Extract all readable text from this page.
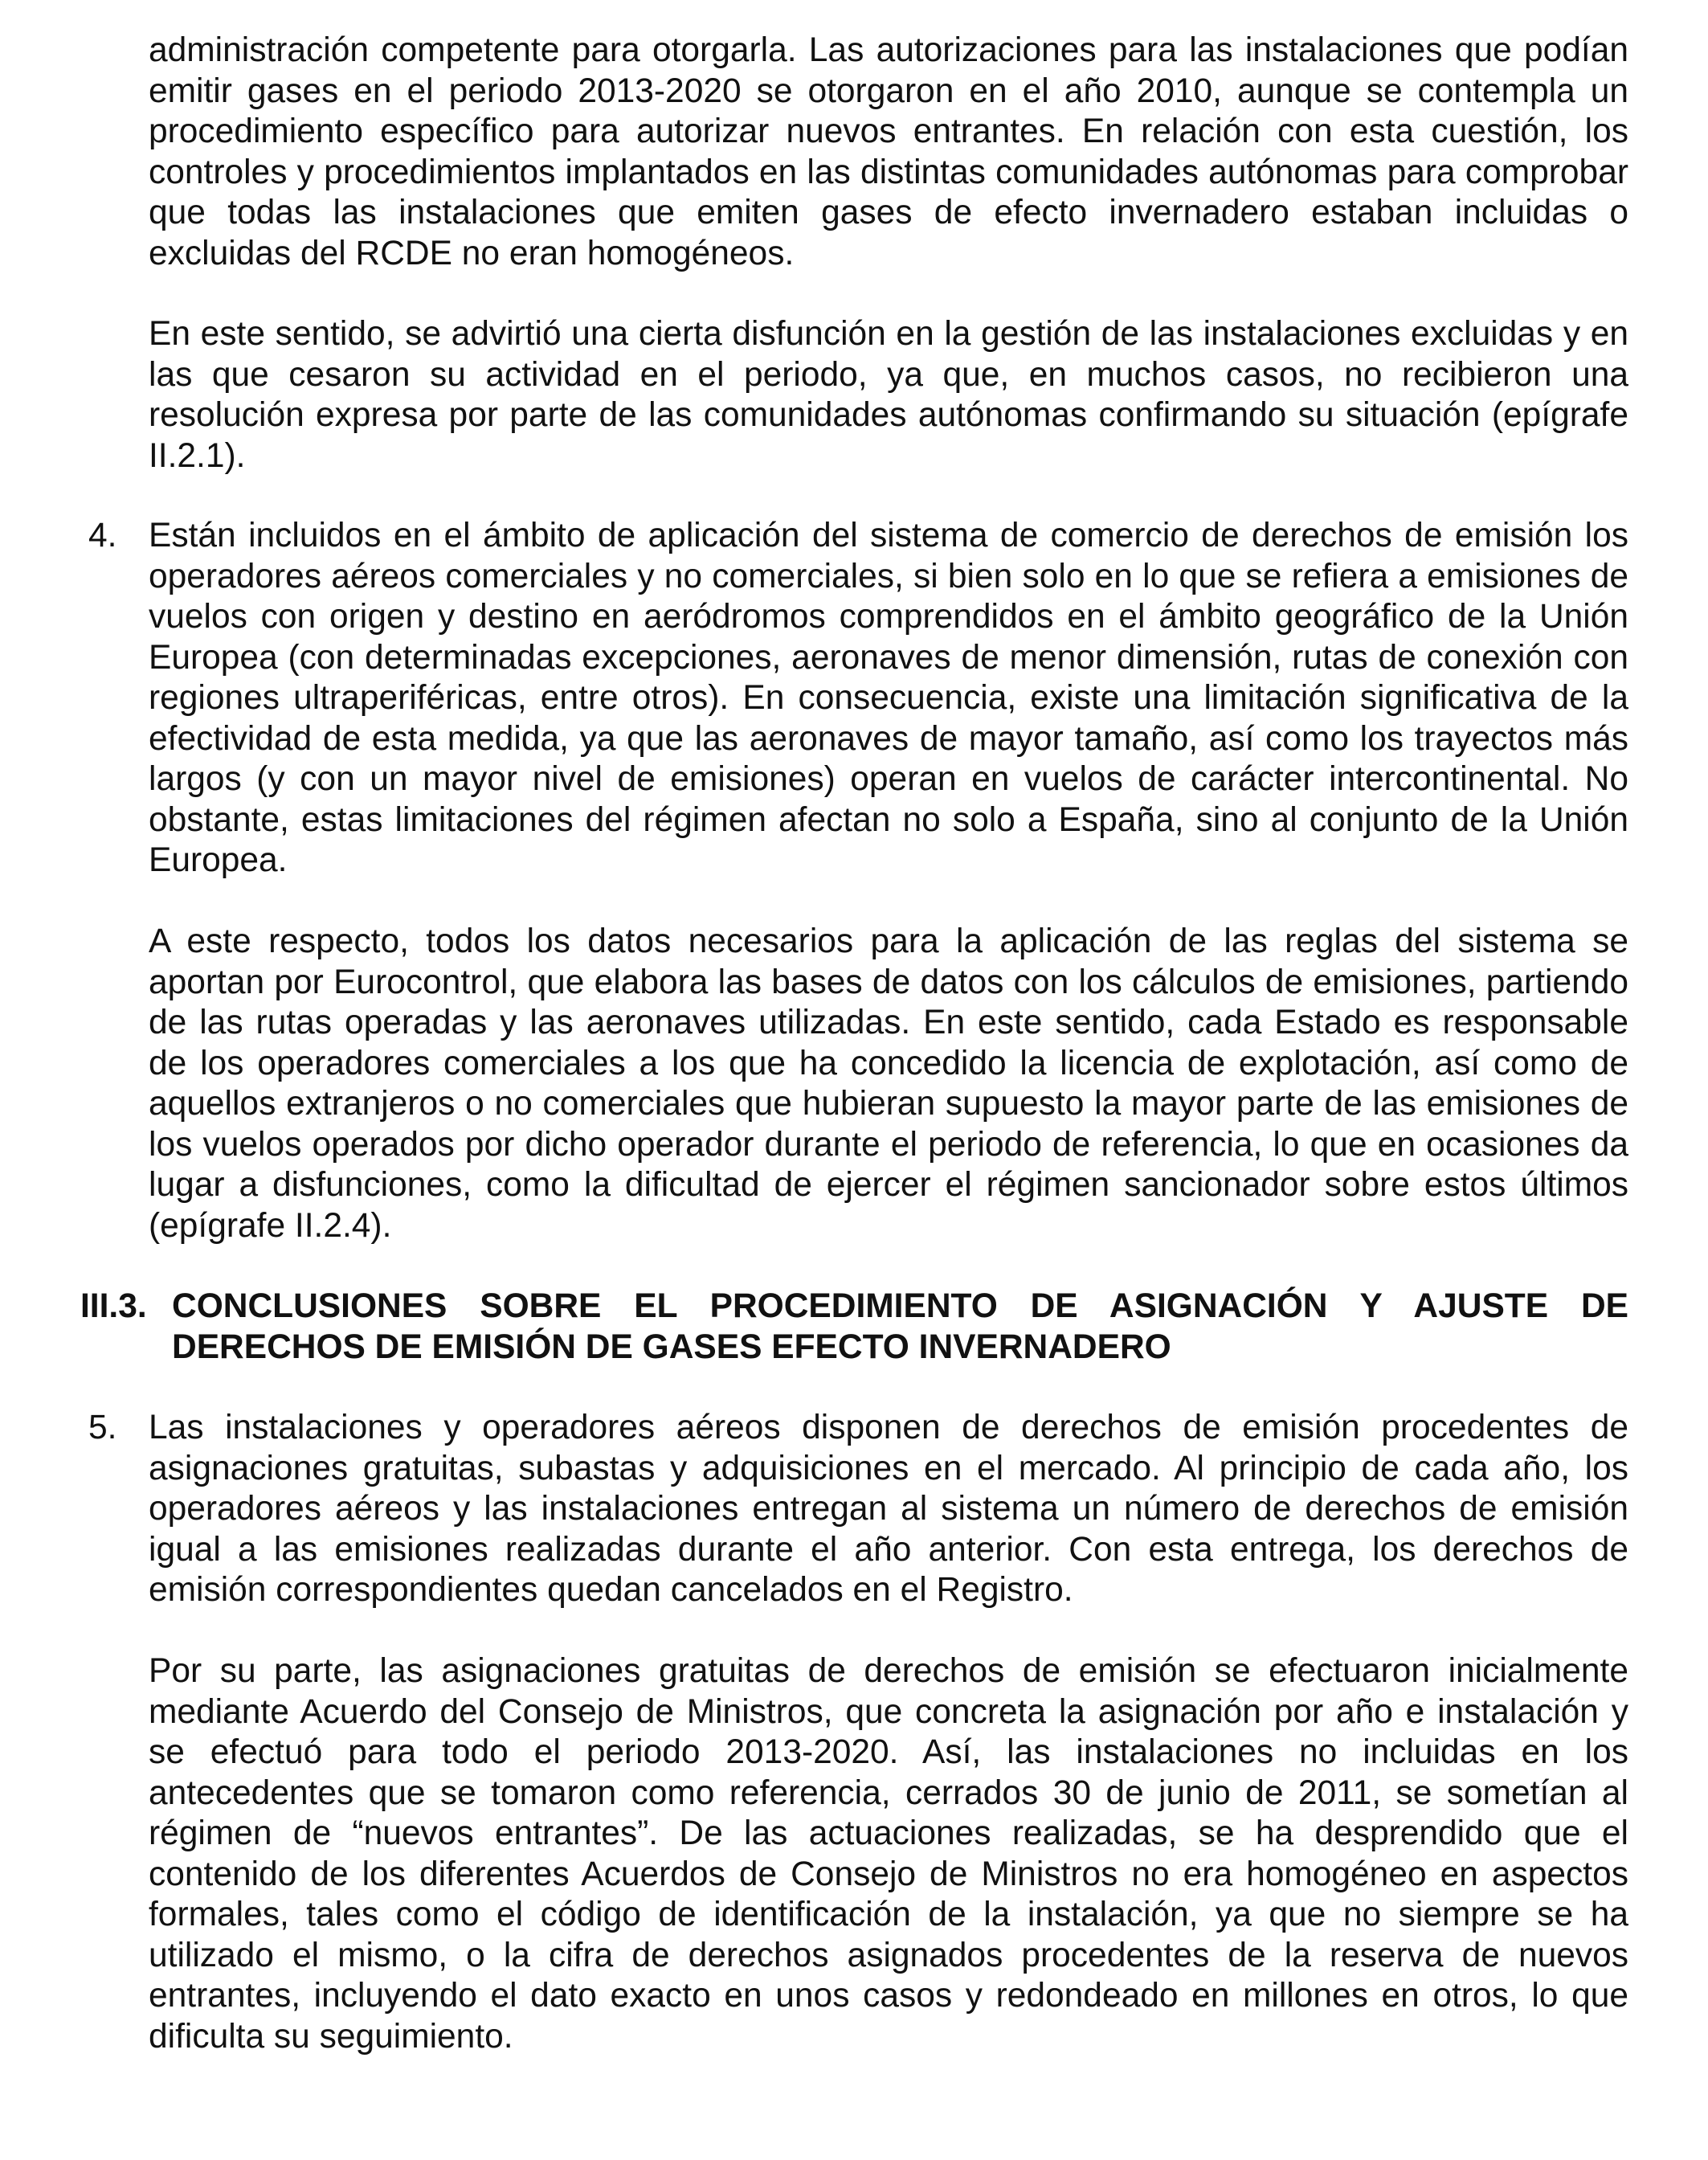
administración competente para otorgarla. Las autorizaciones para las instalaciones que podían emitir gases en el periodo 2013-2020 se otorgaron en el año 2010, aunque se contempla un procedimiento específico para autorizar nuevos entrantes. En relación con esta cuestión, los controles y procedimientos implantados en las distintas comunidades autónomas para comprobar que todas las instalaciones que emiten gases de efecto invernadero estaban incluidas o excluidas del RCDE no eran homogéneos.

En este sentido, se advirtió una cierta disfunción en la gestión de las instalaciones excluidas y en las que cesaron su actividad en el periodo, ya que, en muchos casos, no recibieron una resolución expresa por parte de las comunidades autónomas confirmando su situación (epígrafe II.2.1).

4. Están incluidos en el ámbito de aplicación del sistema de comercio de derechos de emisión los operadores aéreos comerciales y no comerciales, si bien solo en lo que se refiera a emisiones de vuelos con origen y destino en aeródromos comprendidos en el ámbito geográfico de la Unión Europea (con determinadas excepciones, aeronaves de menor dimensión, rutas de conexión con regiones ultraperiféricas, entre otros). En consecuencia, existe una limitación significativa de la efectividad de esta medida, ya que las aeronaves de mayor tamaño, así como los trayectos más largos (y con un mayor nivel de emisiones) operan en vuelos de carácter intercontinental. No obstante, estas limitaciones del régimen afectan no solo a España, sino al conjunto de la Unión Europea.

A este respecto, todos los datos necesarios para la aplicación de las reglas del sistema se aportan por Eurocontrol, que elabora las bases de datos con los cálculos de emisiones, partiendo de las rutas operadas y las aeronaves utilizadas. En este sentido, cada Estado es responsable de los operadores comerciales a los que ha concedido la licencia de explotación, así como de aquellos extranjeros o no comerciales que hubieran supuesto la mayor parte de las emisiones de los vuelos operados por dicho operador durante el periodo de referencia, lo que en ocasiones da lugar a disfunciones, como la dificultad de ejercer el régimen sancionador sobre estos últimos (epígrafe II.2.4).

III.3. CONCLUSIONES SOBRE EL PROCEDIMIENTO DE ASIGNACIÓN Y AJUSTE DE DERECHOS DE EMISIÓN DE GASES EFECTO INVERNADERO
5. Las instalaciones y operadores aéreos disponen de derechos de emisión procedentes de asignaciones gratuitas, subastas y adquisiciones en el mercado. Al principio de cada año, los operadores aéreos y las instalaciones entregan al sistema un número de derechos de emisión igual a las emisiones realizadas durante el año anterior. Con esta entrega, los derechos de emisión correspondientes quedan cancelados en el Registro.

Por su parte, las asignaciones gratuitas de derechos de emisión se efectuaron inicialmente mediante Acuerdo del Consejo de Ministros, que concreta la asignación por año e instalación y se efectuó para todo el periodo 2013-2020. Así, las instalaciones no incluidas en los antecedentes que se tomaron como referencia, cerrados 30 de junio de 2011, se sometían al régimen de “nuevos entrantes”. De las actuaciones realizadas, se ha desprendido que el contenido de los diferentes Acuerdos de Consejo de Ministros no era homogéneo en aspectos formales, tales como el código de identificación de la instalación, ya que no siempre se ha utilizado el mismo, o la cifra de derechos asignados procedentes de la reserva de nuevos entrantes, incluyendo el dato exacto en unos casos y redondeado en millones en otros, lo que dificulta su seguimiento.
